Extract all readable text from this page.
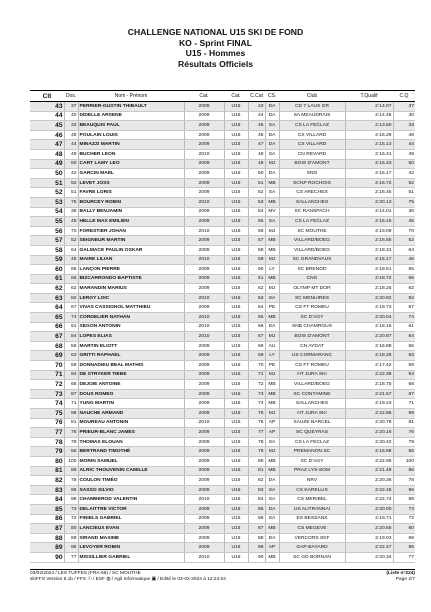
CHALLENGE NATIONAL U15 SKI DE FOND
KO - Sprint FINAL
U15 - Hommes
Résultats Officiels
Clt	Dos.	Nom - Prénom	Cat.	Cat.	C.Cat	CS.	Club	T.Qualif	C.Q
43	37	PERRIER-GUSTIN THIBAULT	2009	U15	43	DA	CD 7 LAUX GR	2:14.07	37
44	40	DIDELLE ARSENE	2009	U15	44	DA	SA MEAUDRAIS	2:14.46	40
45	33	BEAUQUIS PAUL	2009	U15	45	SA	CS LA FECLAZ	2:13.60	33
46	48	POULAIN LOUIS	2009	U15	46	DA	CS VILLARD	2:16.28	48
47	44	MINAZZI MARTIN	2009	U15	47	DA	CS VILLARD	2:15.13	44
48	49	BUCHER LEON	2010	U15	48	SA	CN REVARD	2:16.41	49
49	50	CART LAMY LEO	2009	U15	49	MJ	BOIS D'AMONT	2:16.43	50
50	42	GARCIN MAEL	2009	U15	50	DA	SNO	2:16.17	42
51	52	LEVET JOSS	2009	U15	51	MB	SCNP ROCHOIS	2:16.72	52
52	51	FAVRE LORIS	2009	U15	52	SA	CS ARECHES	2:16.45	51
53	75	BOURCEY ROBIN	2010	U15	53	MB	SALLANCHES	2:20.13	75
54	36	BALLY BENJAMIN	2009	U15	54	MV	SC RANSPACH	2:14.01	36
55	45	HELLE MAX EMILIEN	2009	U15	55	SA	CS LA FECLAZ	2:15.15	45
56	70	FORESTIER JOHAN	2010	U15	56	MJ	SC MOUTHE	2:19.09	70
57	52	SEIGNEUR MARTIN	2009	U15	57	MB	VILLARD/BOEG	2:16.55	52
58	64	GALMACE PAULIN OSKAR	2009	U15	58	MB	VILLARD/BOEG	2:18.31	64
59	46	MAIRE LILIAN	2010	U15	59	MJ	SC GRANDVAUX	2:15.17	46
60	65	LANÇON PIERRE	2009	U15	60	LY	SC BRENOD	2:18.61	65
61	66	BIZCARRONDO BAPTISTE	2009	U15	61	MB	CNG	2:18.72	66
62	62	MARANDIN MARIUS	2009	U15	62	MJ	OLYMP MT DOR	2:18.25	62
63	82	LEROY LOIC	2010	U15	63	SA	SC MENUIRES	2:20.82	82
64	67	VIVAS CASSIGNOL MATTHIEU	2009	U15	64	PE	CS FT ROMEU	2:18.73	67
65	74	CORDELIER NATHAN	2010	U15	65	MB	SC D'AGY	2:20.04	74
66	61	SEGON ANTONIN	2010	U15	66	DA	SNB CHAMROUS	2:18.16	61
67	84	LOPES ELIAS	2010	U15	67	MJ	BOIS D'AMONT	2:20.87	84
68	56	MARTIN ELIOTT	2009	U15	68	AU	CN AYDAT	2:16.89	56
69	63	GRITTI RAPHAEL	2009	U15	69	LY	US CORMARANC	2:18.29	63
70	59	DONNADIEU BEAL MATHIS	2009	U15	70	PE	CS FT ROMEU	2:17.42	59
71	94	DE STRYKER TIEBE	2009	U15	71	MJ	HT JURA SKI	2:22.38	94
72	68	DEJOIE ANTOINE	2009	U15	72	MB	VILLARD/BOEG	2:18.75	68
73	87	DOUS ROMEO	2009	U15	73	MB	SC CONTAMINE	2:21.57	87
74	71	YUNG MARTIN	2009	U15	74	MB	SALLANCHES	2:19.23	71
75	99	NAUCHE ARMAND	2009	U15	75	MJ	HT JURA SKI	2:22.85	99
76	81	MOUREAU ANTONIN	2010	U15	76	AP	SAUZE BARCEL	2:20.78	81
77	76	PRIEUR-BLANC JAMES	2009	U15	77	AP	SC QUEYRAS	2:20.16	76
78	79	THOMAS ELOUAN	2009	U15	78	SA	CS LA FECLAZ	2:20.42	79
79	55	BERTRAND TIMOTHÉ	2009	U15	79	MJ	PREMANON SC	2:16.88	55
80	100	MORIN SAMUEL	2009	U15	80	MB	SC D'AGY	2:22.96	100
81	86	ALRIC THOUVENIN CAMILLE	2009	U15	81	MB	PRAZ LYS-SOM	2:21.49	86
82	78	COULON TIMÉO	2009	U15	82	DA	NRV	2:20.36	78
83	96	SASSO SILVIO	2009	U15	83	SA	CS KARELLIS	2:22.46	96
84	98	CHAMBEROD VALENTIN	2010	U15	84	SA	CS MERIBEL	2:22.74	98
85	73	DELAITTRE VICTOR	2009	U15	85	DA	US AUTRANNAI	2:20.00	73
86	72	FINIELS GABRIEL	2009	U15	86	SA	ES BESSANS	2:19.71	72
87	80	LANCIEUX EVAN	2009	U15	87	MB	CS MEGEVE	2:20.65	80
88	69	SIRAND MAXIME	2009	U15	88	DA	VERCORS SKF	2:19.03	69
89	95	LEVOYER ROBIN	2009	U15	89	AP	GAP-BAYARD	2:22.47	95
90	77	MISSILLIER GABRIEL	2010	U15	90	MB	SC GD BORNAN	2:20.34	77
03/02/2024 / LES TUFFES (FRA-66) / SC MOUTHE	(Liste n°224)
skiFFS Version 6.1b / FFS ☉ / ESF ◍ / Agil Informatique ▣ / Edité le 03-02-2024 à 12:24:04	Page 2/7
